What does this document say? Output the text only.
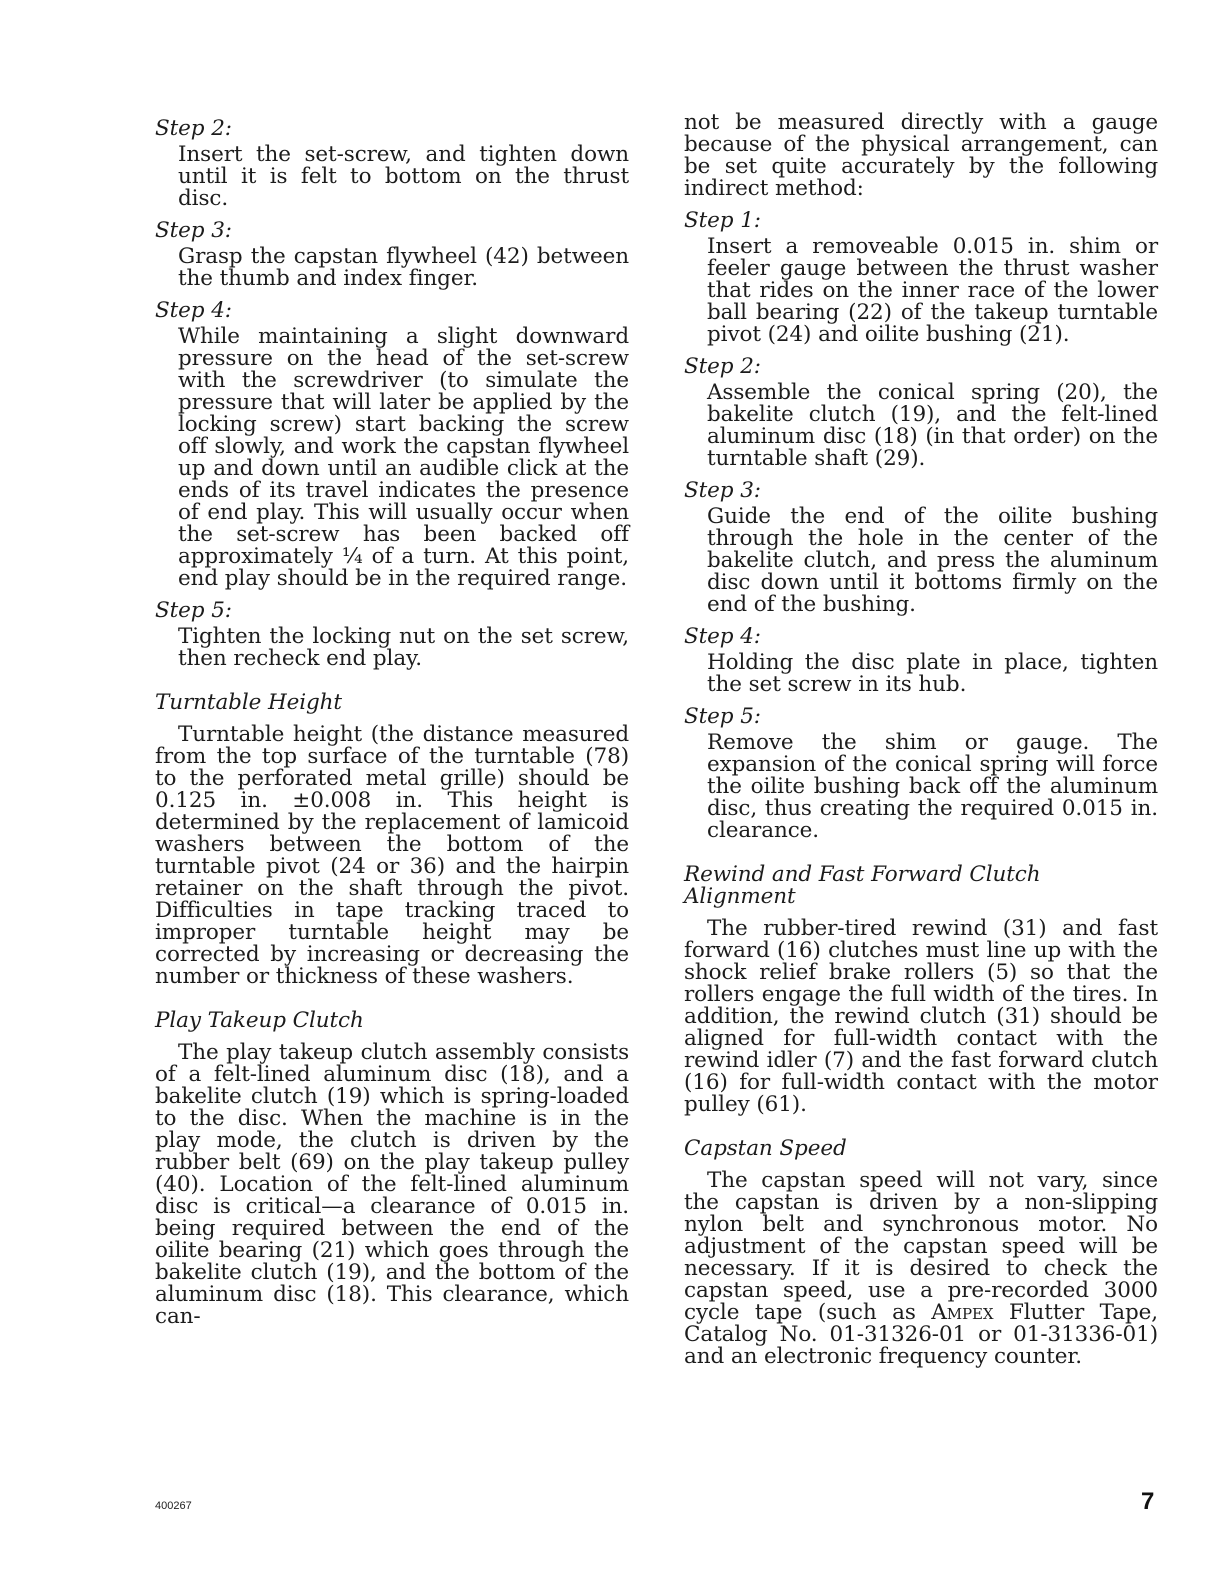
Step 2:

Insert the set-screw, and tighten down until it is felt to bottom on the thrust disc.

Step 3:

Grasp the capstan flywheel (42) between the thumb and index finger.

Step 4:

While maintaining a slight downward pressure on the head of the set-screw with the screwdriver (to simulate the pressure that will later be applied by the locking screw) start backing the screw off slowly, and work the capstan flywheel up and down until an audible click at the ends of its travel indicates the presence of end play. This will usually occur when the set-screw has been backed off approximately ¼ of a turn. At this point, end play should be in the required range.

Step 5:

Tighten the locking nut on the set screw, then recheck end play.

Turntable Height

Turntable height (the distance measured from the top surface of the turntable (78) to the perforated metal grille) should be 0.125 in. ±0.008 in. This height is determined by the replacement of lamicoid washers between the bottom of the turntable pivot (24 or 36) and the hairpin retainer on the shaft through the pivot. Difficulties in tape tracking traced to improper turntable height may be corrected by increasing or decreasing the number or thickness of these washers.

Play Takeup Clutch

The play takeup clutch assembly consists of a felt-lined aluminum disc (18), and a bakelite clutch (19) which is spring-loaded to the disc. When the machine is in the play mode, the clutch is driven by the rubber belt (69) on the play takeup pulley (40). Location of the felt-lined aluminum disc is critical—a clearance of 0.015 in. being required between the end of the oilite bearing (21) which goes through the bakelite clutch (19), and the bottom of the aluminum disc (18). This clearance, which can-

not be measured directly with a gauge because of the physical arrangement, can be set quite accurately by the following indirect method:

Step 1:

Insert a removeable 0.015 in. shim or feeler gauge between the thrust washer that rides on the inner race of the lower ball bearing (22) of the takeup turntable pivot (24) and oilite bushing (21).

Step 2:

Assemble the conical spring (20), the bakelite clutch (19), and the felt-lined aluminum disc (18) (in that order) on the turntable shaft (29).

Step 3:

Guide the end of the oilite bushing through the hole in the center of the bakelite clutch, and press the aluminum disc down until it bottoms firmly on the end of the bushing.

Step 4:

Holding the disc plate in place, tighten the set screw in its hub.

Step 5:

Remove the shim or gauge. The expansion of the conical spring will force the oilite bushing back off the aluminum disc, thus creating the required 0.015 in. clearance.

Rewind and Fast Forward Clutch Alignment

The rubber-tired rewind (31) and fast forward (16) clutches must line up with the shock relief brake rollers (5) so that the rollers engage the full width of the tires. In addition, the rewind clutch (31) should be aligned for full-width contact with the rewind idler (7) and the fast forward clutch (16) for full-width contact with the motor pulley (61).

Capstan Speed

The capstan speed will not vary, since the capstan is driven by a non-slipping nylon belt and synchronous motor. No adjustment of the capstan speed will be necessary. If it is desired to check the capstan speed, use a pre-recorded 3000 cycle tape (such as Ampex Flutter Tape, Catalog No. 01-31326-01 or 01-31336-01) and an electronic frequency counter.

400267	7
